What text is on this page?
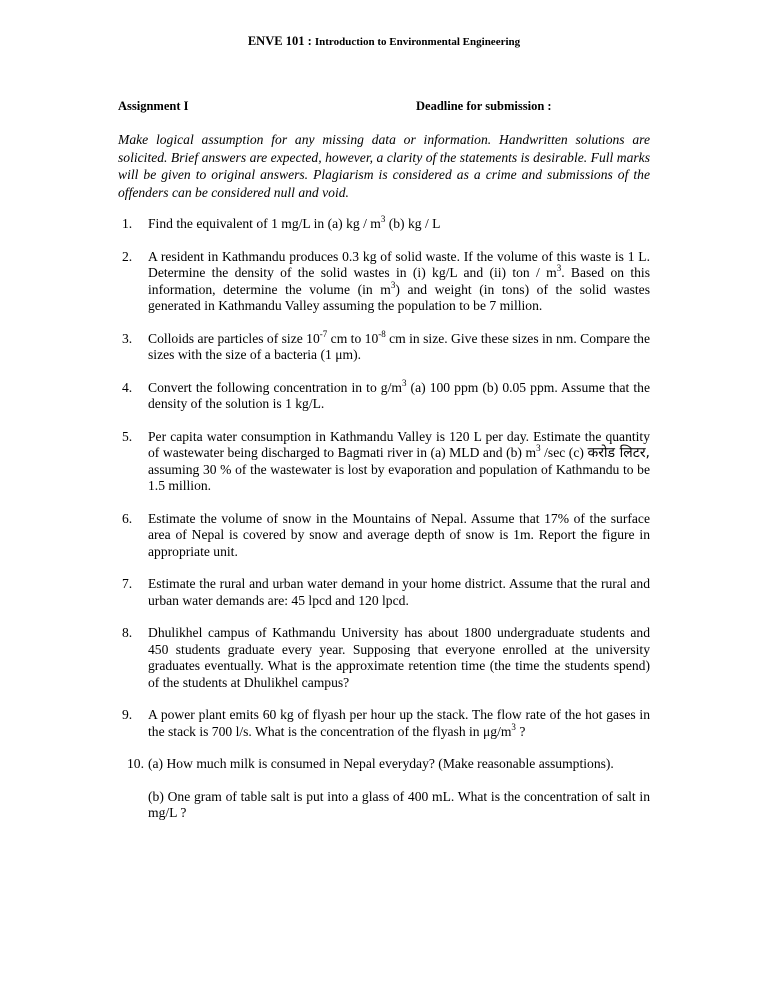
ENVE 101 : Introduction to Environmental Engineering
Assignment I	Deadline for submission :
Make logical assumption for any missing data or information. Handwritten solutions are solicited. Brief answers are expected, however, a clarity of the statements is desirable. Full marks will be given to original answers. Plagiarism is considered as a crime and submissions of the offenders can be considered null and void.
1.	Find the equivalent of 1 mg/L in (a) kg / $m^3$ (b) kg / L
2.	A resident in Kathmandu produces 0.3 kg of solid waste. If the volume of this waste is 1 L. Determine the density of the solid wastes in (i) kg/L and (ii) ton / $m^3$. Based on this information, determine the volume (in $m^3$) and weight (in tons) of the solid wastes generated in Kathmandu Valley assuming the population to be 7 million.
3.	Colloids are particles of size $10^{-7}$ cm to $10^{-8}$ cm in size. Give these sizes in nm. Compare the sizes with the size of a bacteria (1 μm).
4.	Convert the following concentration in to $g/m^3$ (a) 100 ppm (b) 0.05 ppm. Assume that the density of the solution is 1 kg/L.
5.	Per capita water consumption in Kathmandu Valley is 120 L per day. Estimate the quantity of wastewater being discharged to Bagmati river in (a) MLD and (b) $m^3$ /sec (c) करोड लिटर, assuming 30 % of the wastewater is lost by evaporation and population of Kathmandu to be 1.5 million.
6.	Estimate the volume of snow in the Mountains of Nepal. Assume that 17% of the surface area of Nepal is covered by snow and average depth of snow is 1m. Report the figure in appropriate unit.
7.	Estimate the rural and urban water demand in your home district. Assume that the rural and urban water demands are: 45 lpcd and 120 lpcd.
8.	Dhulikhel campus of Kathmandu University has about 1800 undergraduate students and 450 students graduate every year. Supposing that everyone enrolled at the university graduates eventually. What is the approximate retention time (the time the students spend) of the students at Dhulikhel campus?
9.	A power plant emits 60 kg of flyash per hour up the stack. The flow rate of the hot gases in the stack is 700 l/s. What is the concentration of the flyash in $\mu g/m^3$ ?
10. (a) How much milk is consumed in Nepal everyday? (Make reasonable assumptions).
(b) One gram of table salt is put into a glass of 400 mL. What is the concentration of salt in mg/L ?
